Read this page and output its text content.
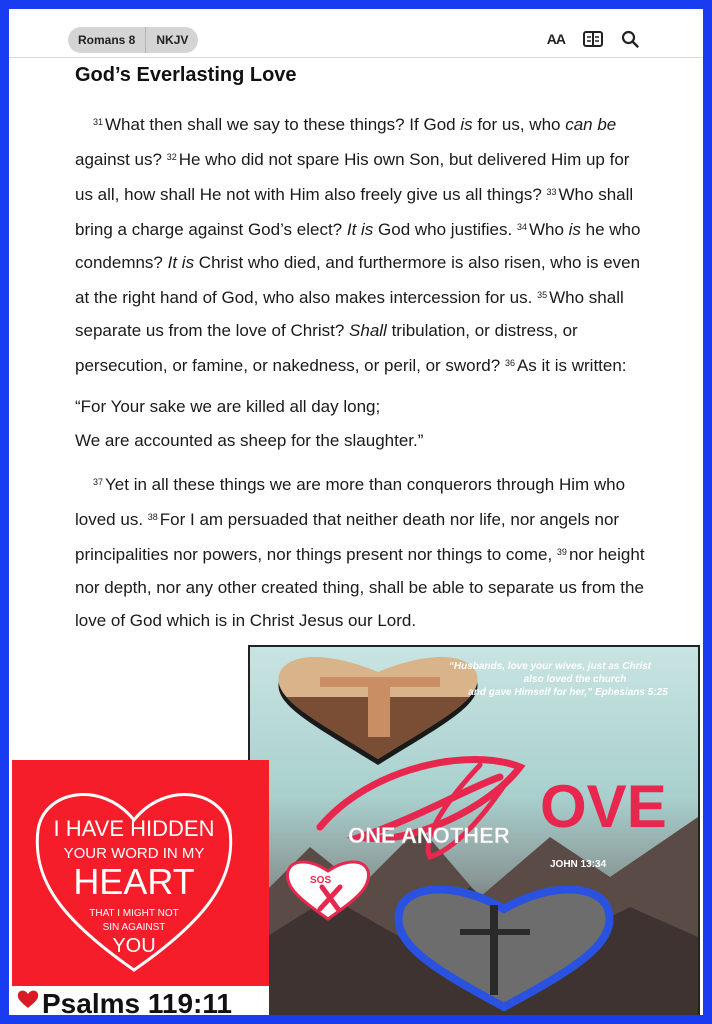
Romans 8	NKJV	AA
God’s Everlasting Love

$^{31}$ What then shall we say to these things? If God is for us, who can be against us? $^{32}$ He who did not spare His own Son, but delivered Him up for us all, how shall He not with Him also freely give us all things? $^{33}$ Who shall bring a charge against God’s elect? It is God who justifies. $^{34}$ Who is he who condemns? It is Christ who died, and furthermore is also risen, who is even at the right hand of God, who also makes intercession for us. $^{35}$ Who shall separate us from the love of Christ? Shall tribulation, or distress, or persecution, or famine, or nakedness, or peril, or sword? $^{36}$ As it is written:

“For Your sake we are killed all day long;
We are accounted as sheep for the slaughter.”

$^{37}$ Yet in all these things we are more than conquerors through Him who loved us. $^{38}$ For I am persuaded that neither death nor life, nor angels nor principalities nor powers, nor things present nor things to come, $^{39}$ nor height nor depth, nor any other created thing, shall be able to separate us from the love of God which is in Christ Jesus our Lord.

“Husbands, love your wives, just as Christ
also loved the church
and gave Himself for her,” Ephesians 5:25
OVE
ONE ANOTHER
JOHN 13:34
SOS
I HAVE HIDDEN
YOUR WORD IN MY
HEART
THAT I MIGHT NOT
SIN AGAINST
YOU
Psalms 119:11
